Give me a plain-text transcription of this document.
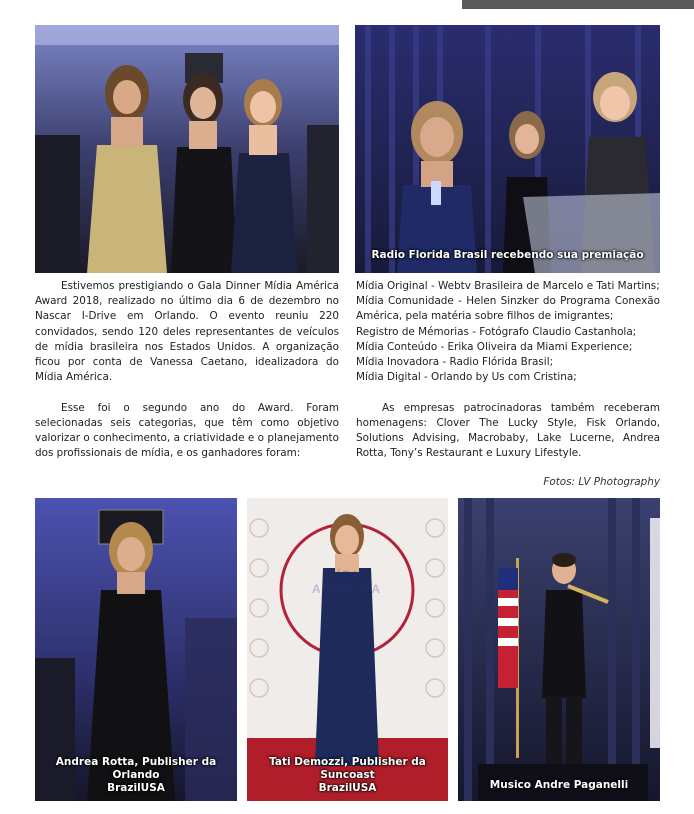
Radio Florida Brasil recebendo sua premiação

Estivemos prestigiando o Gala Dinner Mídia América Award 2018, realizado no último dia 6 de dezembro no Nascar I-Drive em Orlando. O evento reuniu 220 convidados, sendo 120 deles representantes de veículos de mídia brasileira nos Estados Unidos. A organização ficou por conta de Vanessa Caetano, idealizadora do Mídia América.

Esse foi o segundo ano do Award. Foram selecionadas seis categorias, que têm como objetivo valorizar o conhecimento, a criatividade e o planejamento dos profissionais de mídia, e os ganhadores foram:

Mídia Original - Webtv Brasileira de Marcelo e Tati Martins;

Mídia Comunidade - Helen Sinzker do Programa Conexão América, pela matéria sobre filhos de imigrantes;

Registro de Mémorias - Fotógrafo Claudio Castanhola;

Mídia Conteúdo - Erika Oliveira da Miami Experience;

Mídia Inovadora - Radio Flórida Brasil;

Mídia Digital - Orlando by Us com Cristina;

As empresas patrocinadoras também receberam homenagens: Clover The Lucky Style, Fisk Orlando, Solutions Advising, Macrobaby, Lake Lucerne, Andrea Rotta, Tony’s Restaurant e Luxury Lifestyle.

Fotos: LV Photography
Andrea Rotta, Publisher da Orlando
BrazilUSA
MÍDIA AMÉRICA
Tati Demozzi, Publisher da Suncoast
BrazilUSA	Musico Andre Paganelli
